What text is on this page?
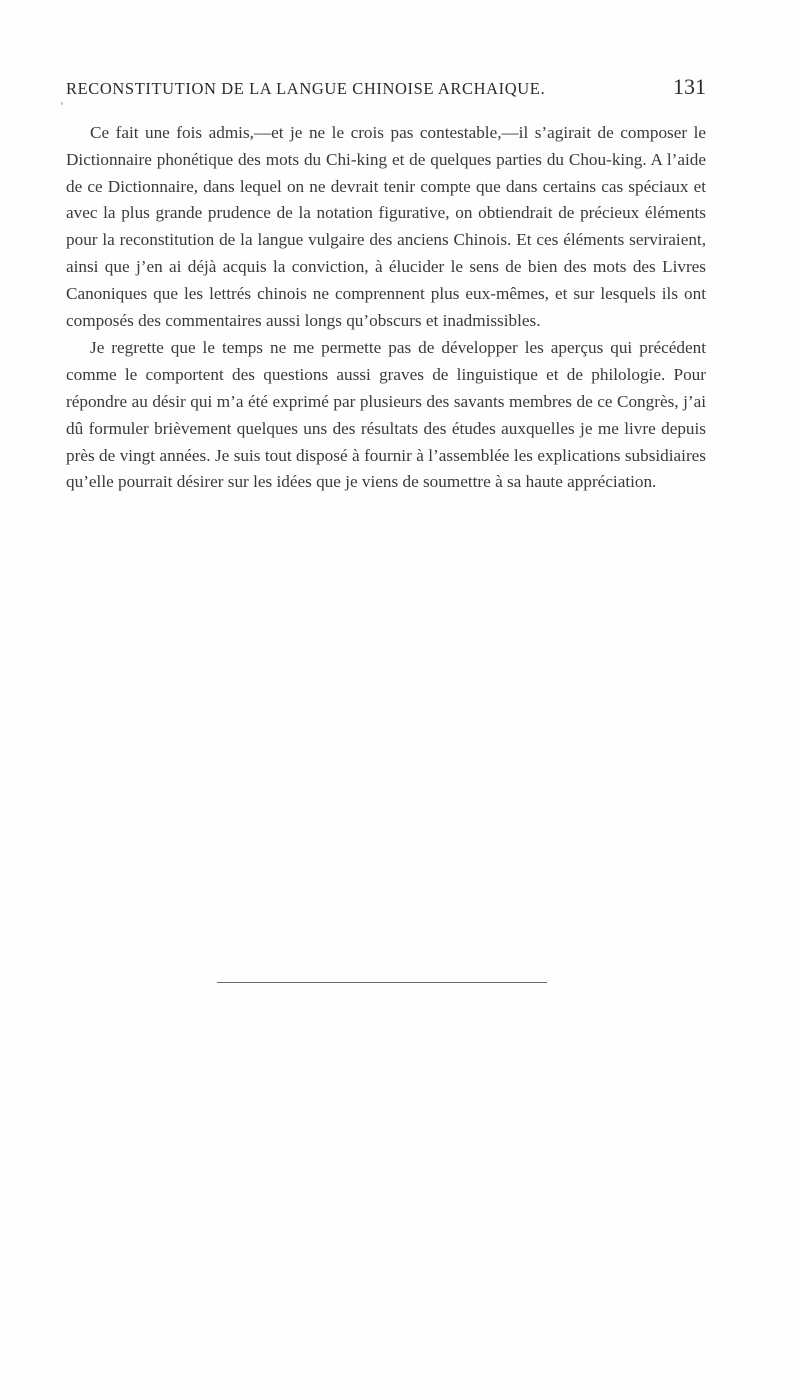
RECONSTITUTION DE LA LANGUE CHINOISE ARCHAIQUE.	131

Ce fait une fois admis,—et je ne le crois pas contestable,—il s’agirait de composer le Dictionnaire phonétique des mots du Chi-king et de quelques parties du Chou-king. A l’aide de ce Dictionnaire, dans lequel on ne devrait tenir compte que dans certains cas spéciaux et avec la plus grande prudence de la notation figurative, on obtiendrait de précieux éléments pour la reconstitution de la langue vulgaire des anciens Chinois. Et ces éléments serviraient, ainsi que j’en ai déjà acquis la conviction, à élucider le sens de bien des mots des Livres Canoniques que les lettrés chinois ne comprennent plus eux-mêmes, et sur lesquels ils ont composés des commentaires aussi longs qu’obscurs et inadmissibles.

Je regrette que le temps ne me permette pas de développer les aperçus qui précédent comme le comportent des questions aussi graves de linguistique et de philologie. Pour répondre au désir qui m’a été exprimé par plusieurs des savants membres de ce Congrès, j’ai dû formuler brièvement quelques uns des résultats des études auxquelles je me livre depuis près de vingt années. Je suis tout disposé à fournir à l’assemblée les explications subsidiaires qu’elle pourrait désirer sur les idées que je viens de soumettre à sa haute appréciation.
